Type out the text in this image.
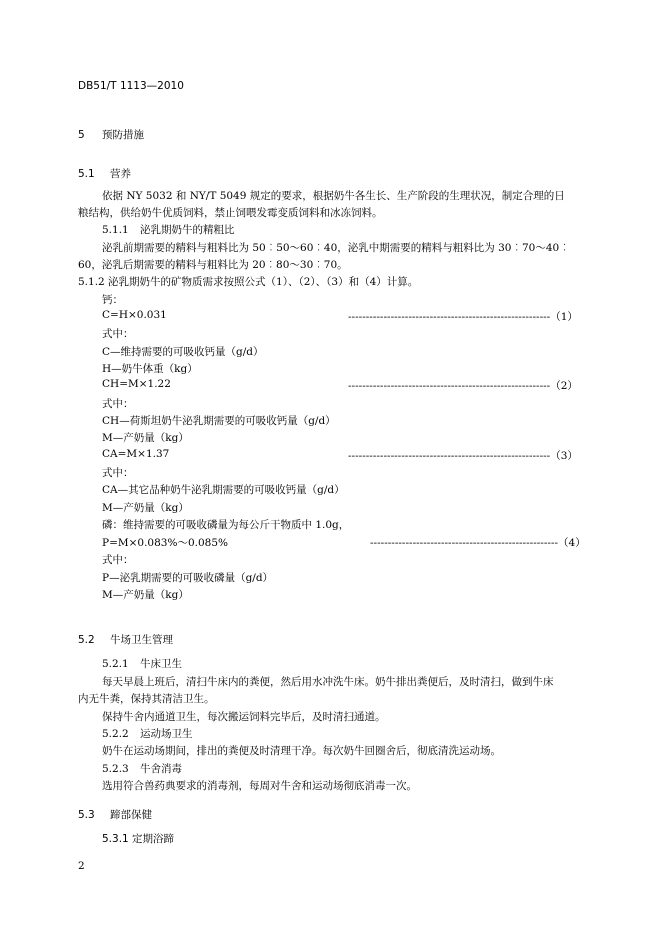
DB51/T 1113—2010
5 预防措施
5.1 营养
依据 NY 5032 和 NY/T 5049 规定的要求，根据奶牛各生长、生产阶段的生理状况，制定合理的日
粮结构，供给奶牛优质饲料，禁止饲喂发霉变质饲料和冰冻饲料。
5.1.1 泌乳期奶牛的精粗比
泌乳前期需要的精料与粗料比为 50︰50～60︰40，泌乳中期需要的精料与粗料比为 30︰70～40︰
60，泌乳后期需要的精料与粗料比为 20︰80～30︰70。
5.1.2 泌乳期奶牛的矿物质需求按照公式（1）、（2）、（3）和（4）计算。
钙：
C=H×0.031	---------------------------------------------------------（1）
式中：
C—维持需要的可吸收钙量（g/d）
H—奶牛体重（kg）
CH=M×1.22	---------------------------------------------------------（2）
式中：
CH—荷斯坦奶牛泌乳期需要的可吸收钙量（g/d）
M—产奶量（kg）
CA=M×1.37	---------------------------------------------------------（3）
式中：
CA—其它品种奶牛泌乳期需要的可吸收钙量（g/d）
M—产奶量（kg）
磷：维持需要的可吸收磷量为每公斤干物质中 1.0g，
P=M×0.083%～0.085%	-----------------------------------------------------（4）
式中：
P—泌乳期需要的可吸收磷量（g/d）
M—产奶量（kg）
5.2 牛场卫生管理
5.2.1 牛床卫生
每天早晨上班后，清扫牛床内的粪便，然后用水冲洗牛床。奶牛排出粪便后，及时清扫，做到牛床
内无牛粪，保持其清洁卫生。
保持牛舍内通道卫生，每次搬运饲料完毕后，及时清扫通道。
5.2.2 运动场卫生
奶牛在运动场期间，排出的粪便及时清理干净。每次奶牛回圈舍后，彻底清洗运动场。
5.2.3 牛舍消毒
选用符合兽药典要求的消毒剂，每周对牛舍和运动场彻底消毒一次。
5.3 蹄部保健
5.3.1 定期浴蹄
2
